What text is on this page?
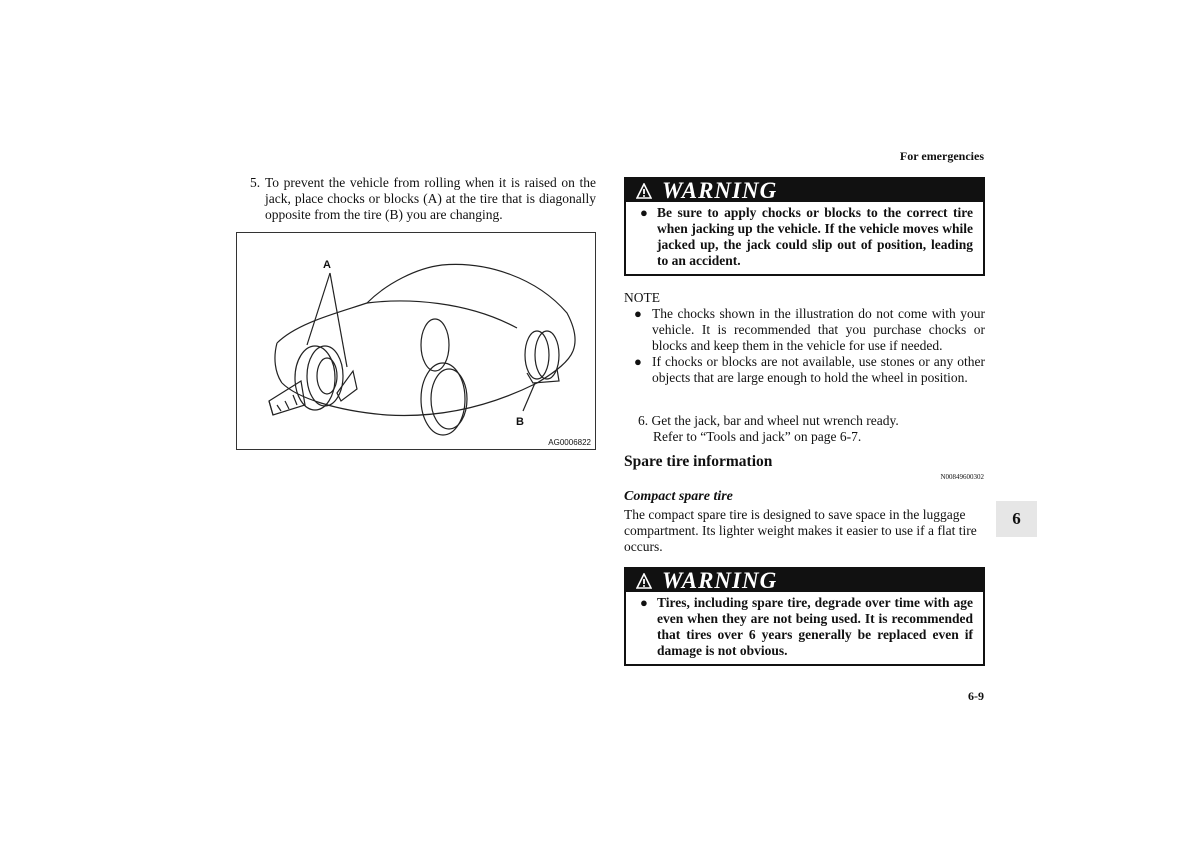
For emergencies
5. To prevent the vehicle from rolling when it is raised on the jack, place chocks or blocks (A) at the tire that is diagonally opposite from the tire (B) you are changing.
A
B
AG0006822
WARNING
● Be sure to apply chocks or blocks to the correct tire when jacking up the vehicle. If the vehicle moves while jacked up, the jack could slip out of position, leading to an accident.
NOTE
● The chocks shown in the illustration do not come with your vehicle. It is recommended that you purchase chocks or blocks and keep them in the vehicle for use if needed.
● If chocks or blocks are not available, use stones or any other objects that are large enough to hold the wheel in position.
6. Get the jack, bar and wheel nut wrench ready.
Refer to “Tools and jack” on page 6-7.
Spare tire information
N00849600302
Compact spare tire
The compact spare tire is designed to save space in the luggage compartment. Its lighter weight makes it easier to use if a flat tire occurs.
WARNING
● Tires, including spare tire, degrade over time with age even when they are not being used. It is recommended that tires over 6 years generally be replaced even if damage is not obvious.
6
6-9
